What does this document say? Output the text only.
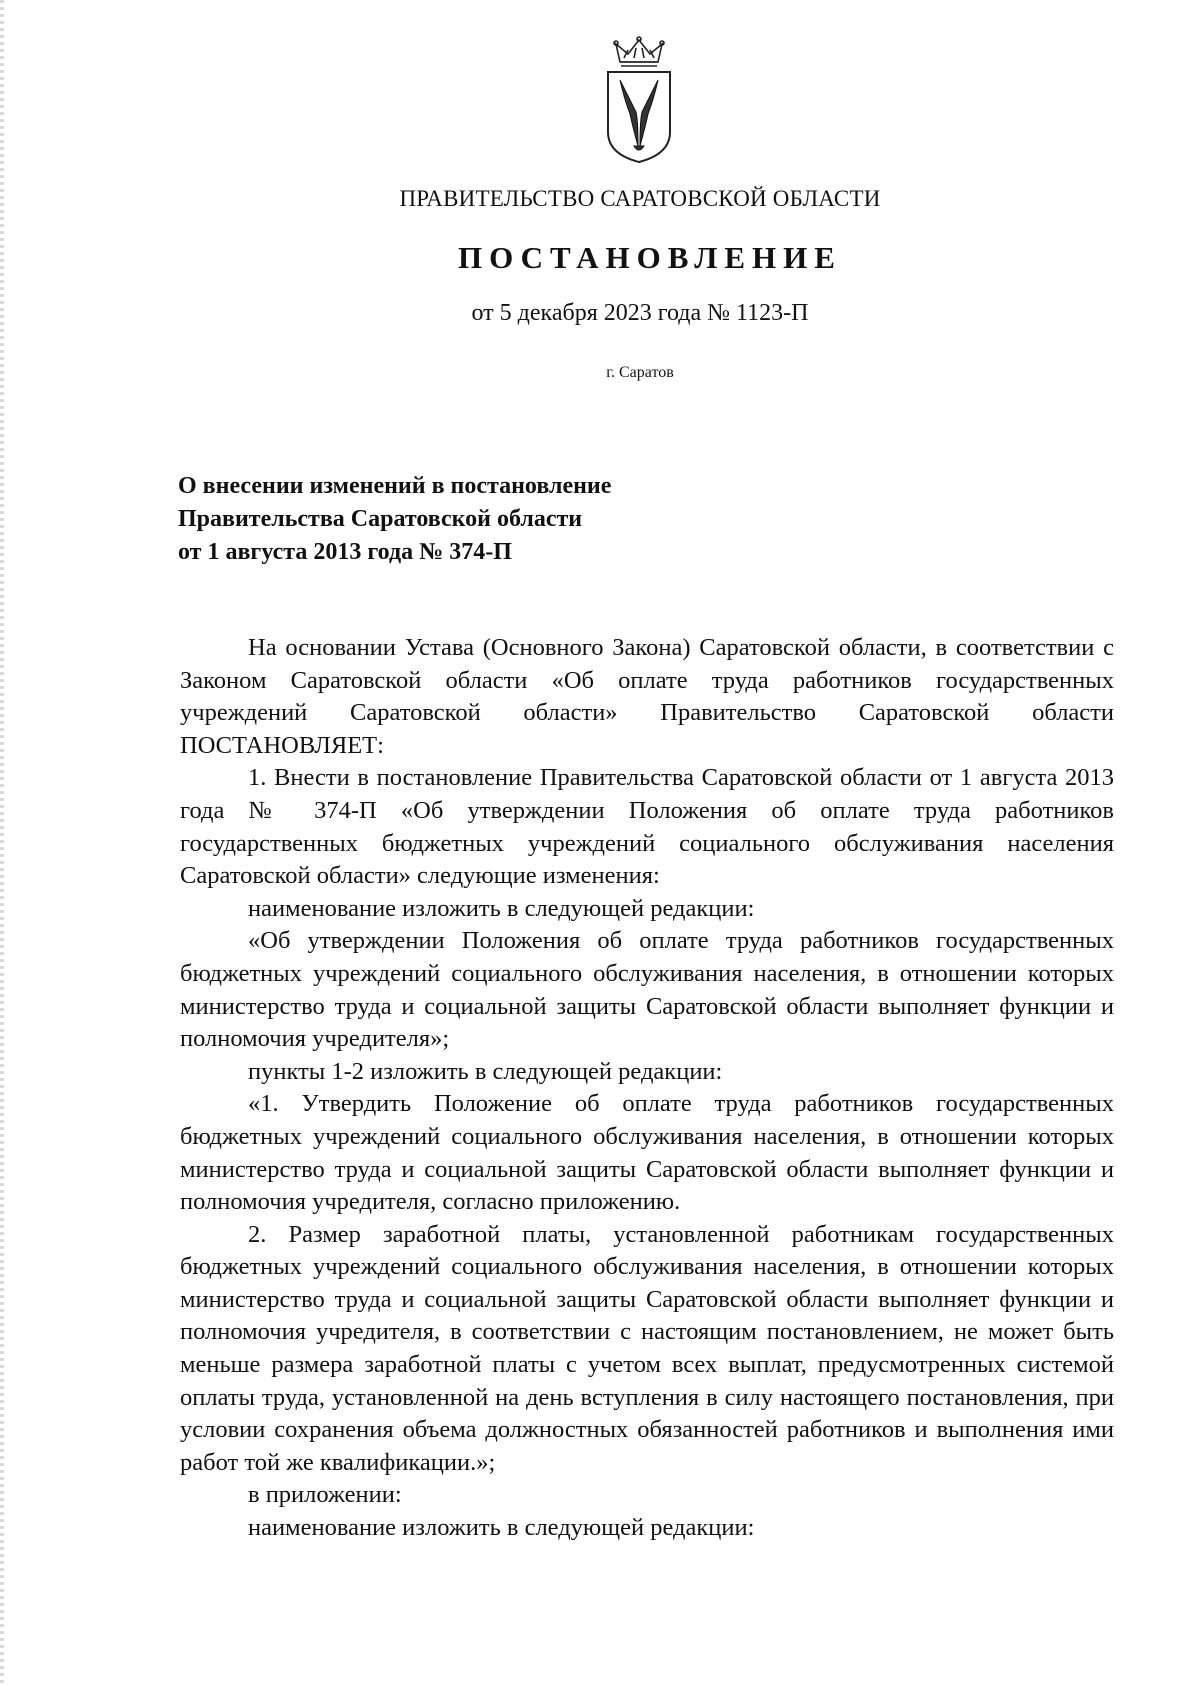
ПРАВИТЕЛЬСТВО САРАТОВСКОЙ ОБЛАСТИ
ПОСТАНОВЛЕНИЕ
от 5 декабря 2023 года № 1123-П
г. Саратов
О внесении изменений в постановление
Правительства Саратовской области
от 1 августа 2013 года № 374-П

На основании Устава (Основного Закона) Саратовской области, в соответствии с Законом Саратовской области «Об оплате труда работников государственных учреждений Саратовской области» Правительство Саратовской области ПОСТАНОВЛЯЕТ:

1. Внести в постановление Правительства Саратовской области от 1 августа 2013 года № 374-П «Об утверждении Положения об оплате труда работников государственных бюджетных учреждений социального обслуживания населения Саратовской области» следующие изменения:

наименование изложить в следующей редакции:

«Об утверждении Положения об оплате труда работников государственных бюджетных учреждений социального обслуживания населения, в отношении которых министерство труда и социальной защиты Саратовской области выполняет функции и полномочия учредителя»;

пункты 1-2 изложить в следующей редакции:

«1. Утвердить Положение об оплате труда работников государственных бюджетных учреждений социального обслуживания населения, в отношении которых министерство труда и социальной защиты Саратовской области выполняет функции и полномочия учредителя, согласно приложению.

2. Размер заработной платы, установленной работникам государственных бюджетных учреждений социального обслуживания населения, в отношении которых министерство труда и социальной защиты Саратовской области выполняет функции и полномочия учредителя, в соответствии с настоящим постановлением, не может быть меньше размера заработной платы с учетом всех выплат, предусмотренных системой оплаты труда, установленной на день вступления в силу настоящего постановления, при условии сохранения объема должностных обязанностей работников и выполнения ими работ той же квалификации.»;

в приложении:

наименование изложить в следующей редакции:
